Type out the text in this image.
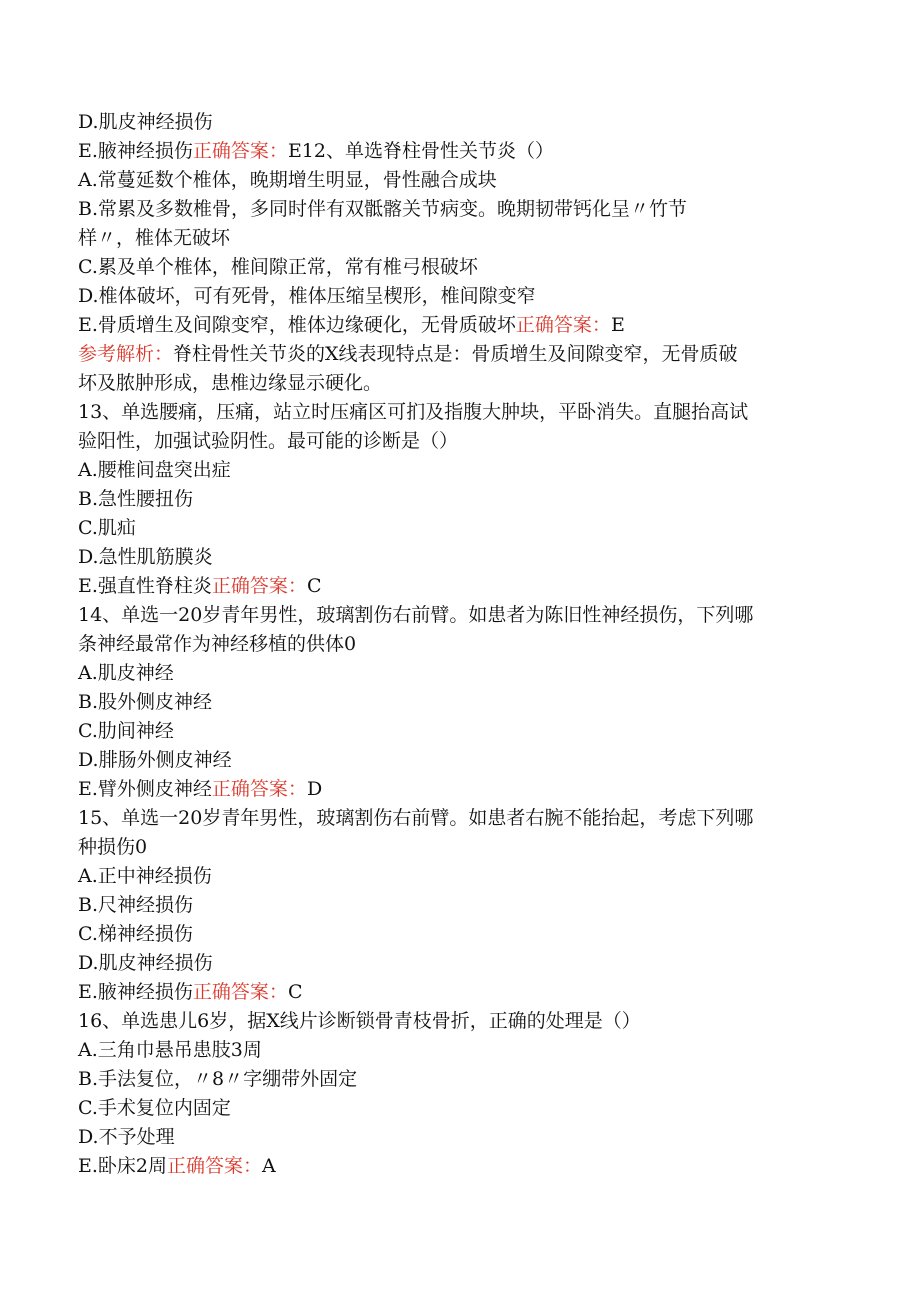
D.肌皮神经损伤
E.腋神经损伤正确答案：E12、单选脊柱骨性关节炎（）
A.常蔓延数个椎体，晚期增生明显，骨性融合成块
B.常累及多数椎骨，多同时伴有双骶髂关节病变。晚期韧带钙化呈〃竹节
样〃，椎体无破坏
C.累及单个椎体，椎间隙正常，常有椎弓根破坏
D.椎体破坏，可有死骨，椎体压缩呈楔形，椎间隙变窄
E.骨质增生及间隙变窄，椎体边缘硬化，无骨质破坏正确答案：E
参考解析：脊柱骨性关节炎的X线表现特点是：骨质增生及间隙变窄，无骨质破
坏及脓肿形成，患椎边缘显示硬化。
13、单选腰痛，压痛，站立时压痛区可扪及指腹大肿块，平卧消失。直腿抬高试
验阳性，加强试验阴性。最可能的诊断是（）
A.腰椎间盘突出症
B.急性腰扭伤
C.肌疝
D.急性肌筋膜炎
E.强直性脊柱炎正确答案：C
14、单选一20岁青年男性，玻璃割伤右前臂。如患者为陈旧性神经损伤，下列哪
条神经最常作为神经移植的供体0
A.肌皮神经
B.股外侧皮神经
C.肋间神经
D.腓肠外侧皮神经
E.臂外侧皮神经正确答案：D
15、单选一20岁青年男性，玻璃割伤右前臂。如患者右腕不能抬起，考虑下列哪
种损伤0
A.正中神经损伤
B.尺神经损伤
C.梯神经损伤
D.肌皮神经损伤
E.腋神经损伤正确答案：C
16、单选患儿6岁，据X线片诊断锁骨青枝骨折，正确的处理是（）
A.三角巾悬吊患肢3周
B.手法复位，〃8〃字绷带外固定
C.手术复位内固定
D.不予处理
E.卧床2周正确答案：A
